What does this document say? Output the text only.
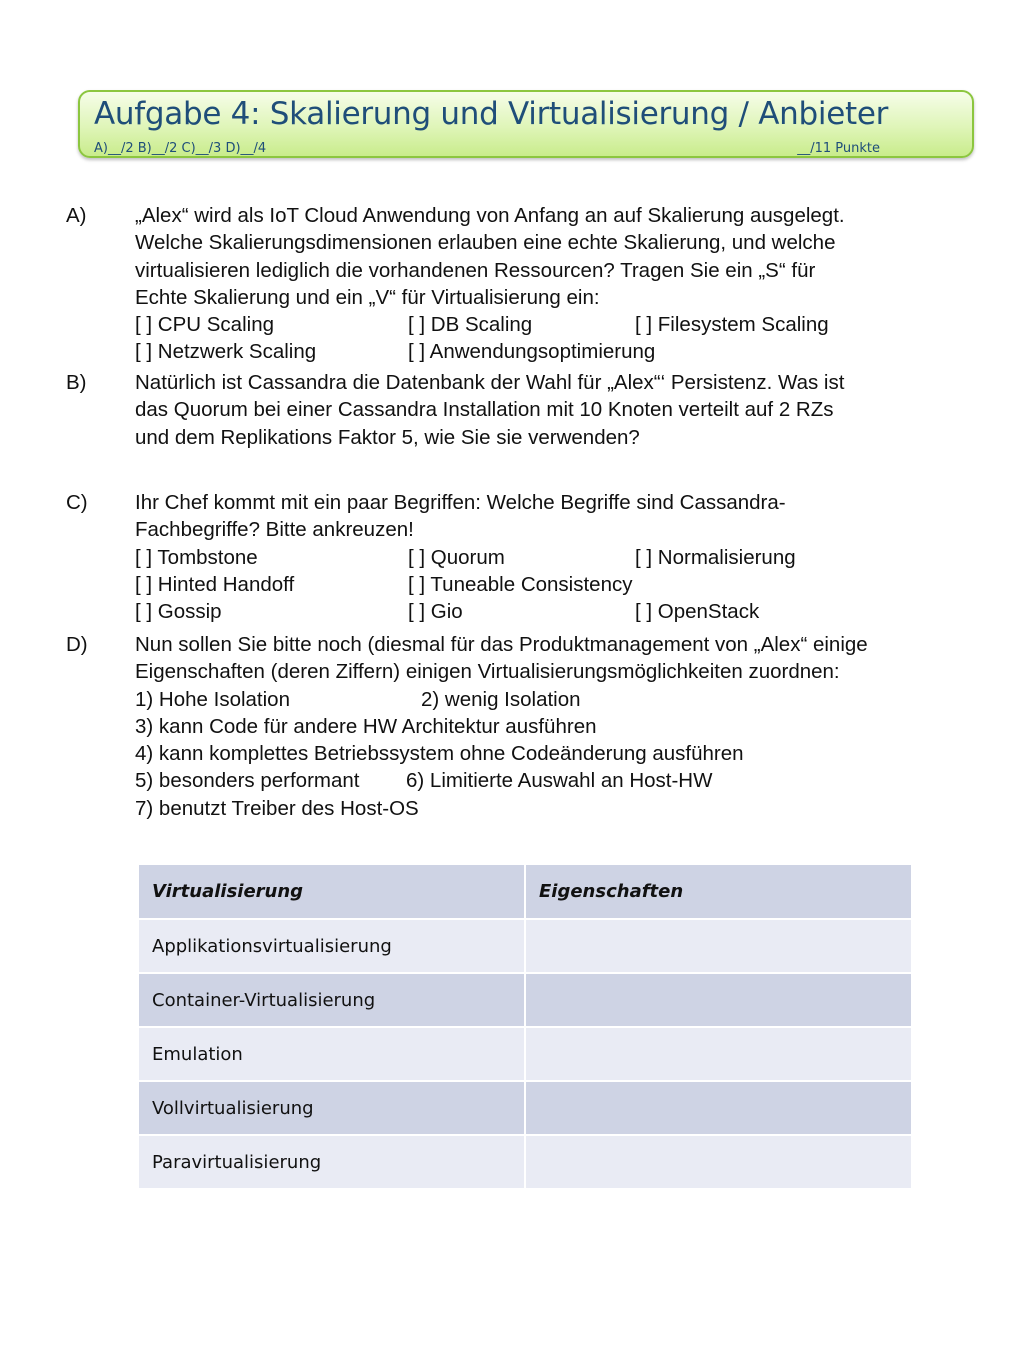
Aufgabe 4: Skalierung und Virtualisierung / Anbieter
A)__/2 B)__/2 C)__/3 D)__/4	__/11 Punkte
A) „Alex“ wird als IoT Cloud Anwendung von Anfang an auf Skalierung ausgelegt.
Welche Skalierungsdimensionen erlauben eine echte Skalierung, und welche
virtualisieren lediglich die vorhandenen Ressourcen? Tragen Sie ein „S“ für
Echte Skalierung und ein „V“ für Virtualisierung ein:
[ ] CPU Scaling	[ ] DB Scaling	[ ] Filesystem Scaling
[ ] Netzwerk Scaling	[ ] Anwendungsoptimierung
B) Natürlich ist Cassandra die Datenbank der Wahl für „Alex“‘ Persistenz. Was ist
das Quorum bei einer Cassandra Installation mit 10 Knoten verteilt auf 2 RZs
und dem Replikations Faktor 5, wie Sie sie verwenden?
C) Ihr Chef kommt mit ein paar Begriffen: Welche Begriffe sind Cassandra-
Fachbegriffe? Bitte ankreuzen!
[ ] Tombstone	[ ] Quorum	[ ] Normalisierung
[ ] Hinted Handoff	[ ] Tuneable Consistency
[ ] Gossip	[ ] Gio	[ ] OpenStack
D) Nun sollen Sie bitte noch (diesmal für das Produktmanagement von „Alex“ einige
Eigenschaften (deren Ziffern) einigen Virtualisierungsmöglichkeiten zuordnen:
1) Hohe Isolation	2) wenig Isolation
3) kann Code für andere HW Architektur ausführen
4) kann komplettes Betriebssystem ohne Codeänderung ausführen
5) besonders performant 6) Limitierte Auswahl an Host-HW
7) benutzt Treiber des Host-OS
Virtualisierung	Eigenschaften
Applikationsvirtualisierung	
Container-Virtualisierung	
Emulation	
Vollvirtualisierung	
Paravirtualisierung	
